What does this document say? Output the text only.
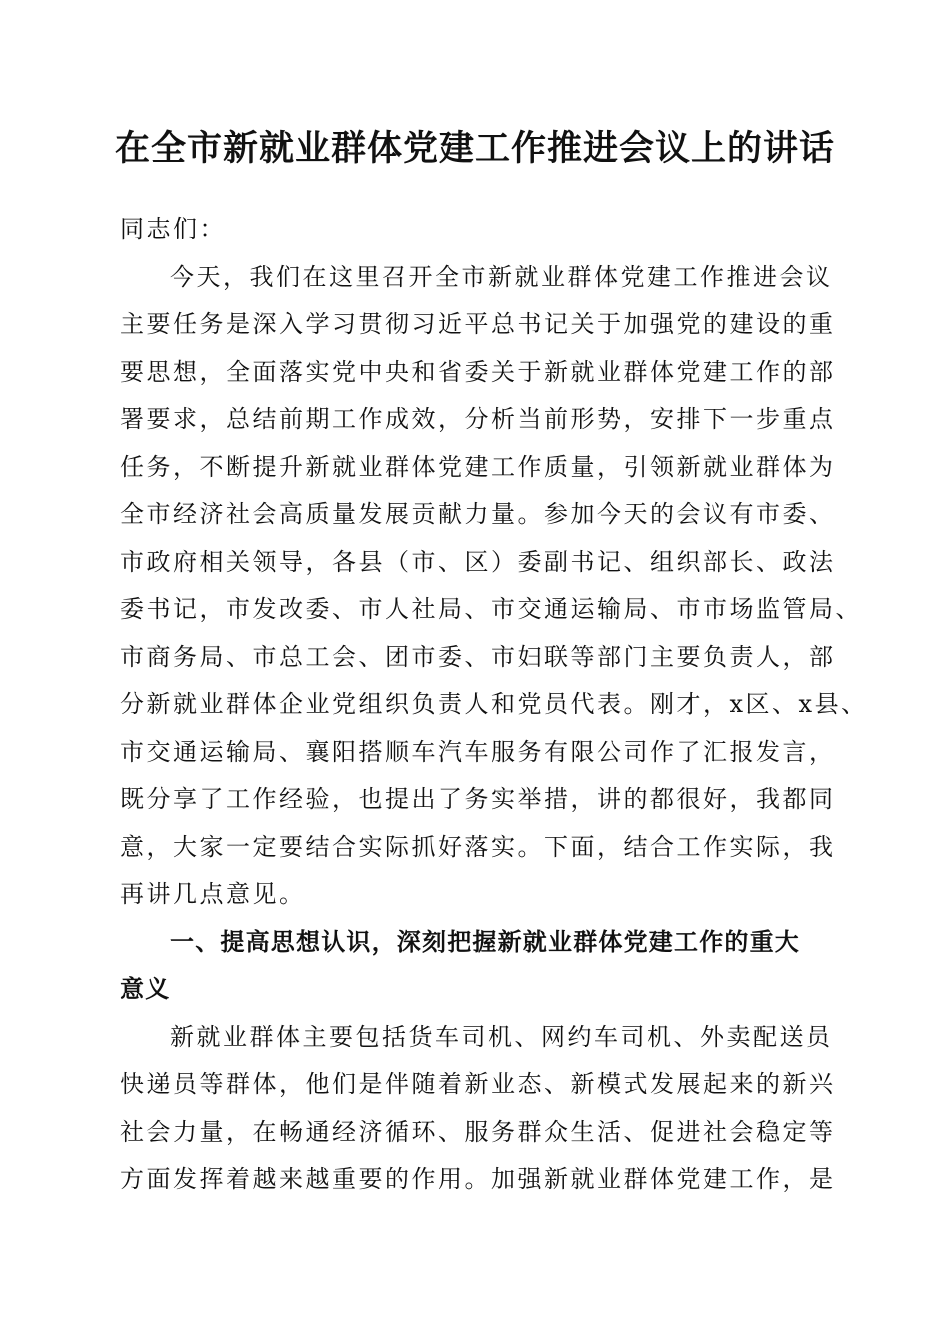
在全市新就业群体党建工作推进会议上的讲话
同志们：
今天，我们在这里召开全市新就业群体党建工作推进会议
主要任务是深入学习贯彻习近平总书记关于加强党的建设的重
要思想，全面落实党中央和省委关于新就业群体党建工作的部
署要求，总结前期工作成效，分析当前形势，安排下一步重点
任务，不断提升新就业群体党建工作质量，引领新就业群体为
全市经济社会高质量发展贡献力量。参加今天的会议有市委、
市政府相关领导，各县（市、区）委副书记、组织部长、政法
委书记，市发改委、市人社局、市交通运输局、市市场监管局、
市商务局、市总工会、团市委、市妇联等部门主要负责人，部
分新就业群体企业党组织负责人和党员代表。刚才，x区、x县、
市交通运输局、襄阳搭顺车汽车服务有限公司作了汇报发言，
既分享了工作经验，也提出了务实举措，讲的都很好，我都同
意，大家一定要结合实际抓好落实。下面，结合工作实际，我
再讲几点意见。
一、提高思想认识，深刻把握新就业群体党建工作的重大
意义
新就业群体主要包括货车司机、网约车司机、外卖配送员
快递员等群体，他们是伴随着新业态、新模式发展起来的新兴
社会力量，在畅通经济循环、服务群众生活、促进社会稳定等
方面发挥着越来越重要的作用。加强新就业群体党建工作，是
